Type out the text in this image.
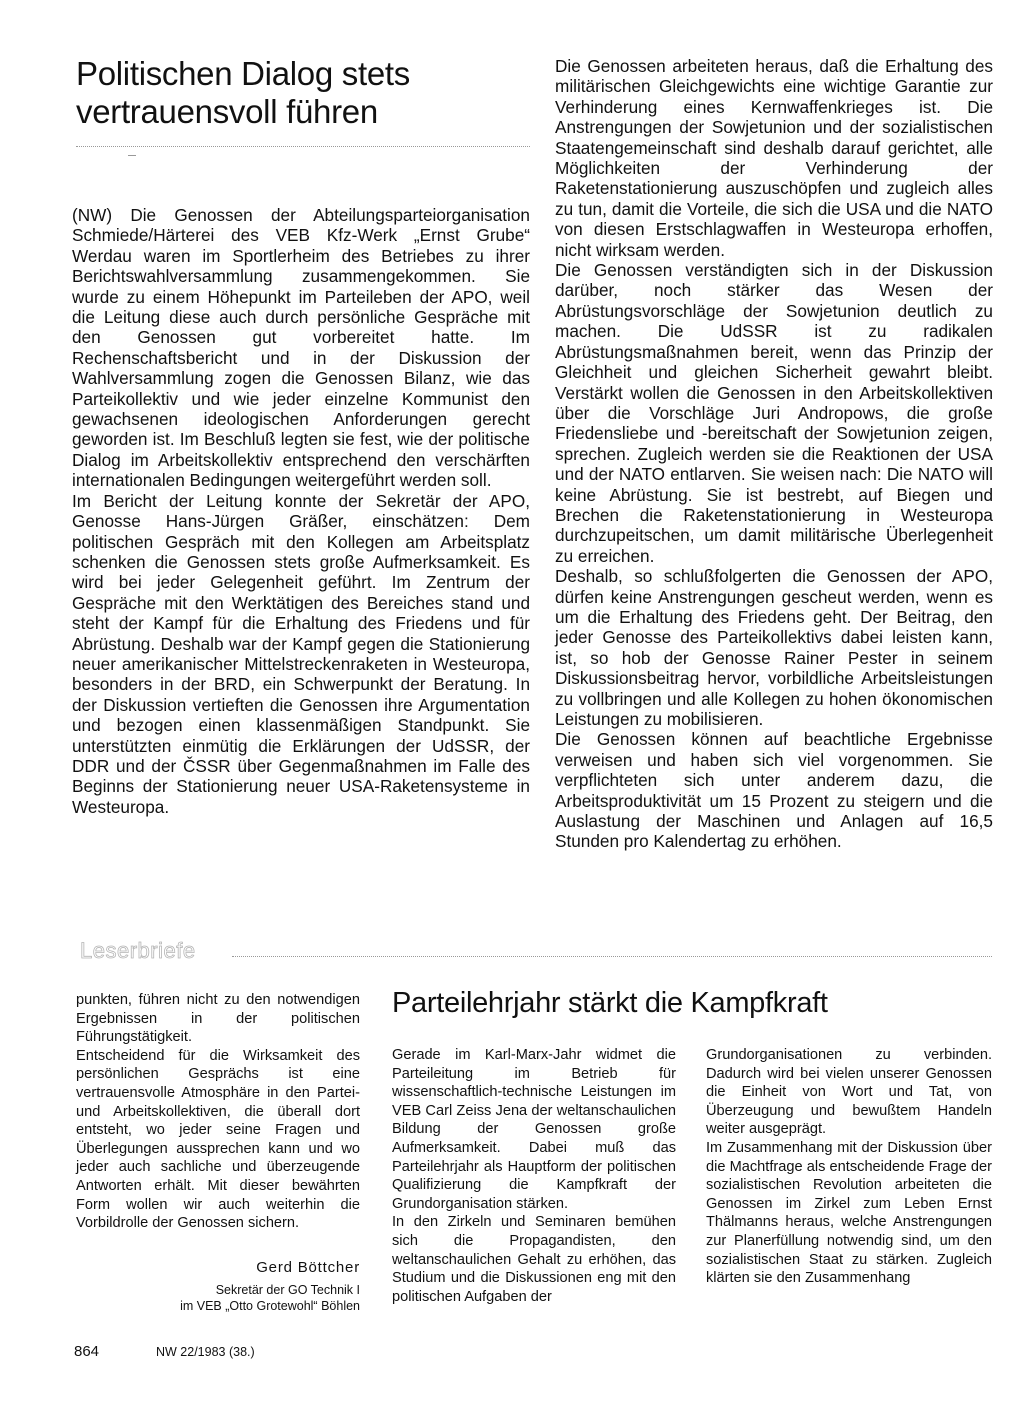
Politischen Dialog stets vertrauensvoll führen

(NW) Die Genossen der Abteilungsparteiorganisation Schmiede/Härterei des VEB Kfz-Werk „Ernst Grube“ Werdau waren im Sportlerheim des Betriebes zu ihrer Berichtswahlversammlung zusammengekommen. Sie wurde zu einem Höhepunkt im Parteileben der APO, weil die Leitung diese auch durch persönliche Gespräche mit den Genossen gut vorbereitet hatte. Im Rechenschaftsbericht und in der Diskussion der Wahlversammlung zogen die Genossen Bilanz, wie das Parteikollektiv und wie jeder einzelne Kommunist den gewachsenen ideologischen Anforderungen gerecht geworden ist. Im Beschluß legten sie fest, wie der politische Dialog im Arbeitskollektiv entsprechend den verschärften internationalen Bedingungen weitergeführt werden soll.

Im Bericht der Leitung konnte der Sekretär der APO, Genosse Hans-Jürgen Gräßer, einschätzen: Dem politischen Gespräch mit den Kollegen am Arbeitsplatz schenken die Genossen stets große Aufmerksamkeit. Es wird bei jeder Gelegenheit geführt. Im Zentrum der Gespräche mit den Werktätigen des Bereiches stand und steht der Kampf für die Erhaltung des Friedens und für Abrüstung. Deshalb war der Kampf gegen die Stationierung neuer amerikanischer Mittelstreckenraketen in Westeuropa, besonders in der BRD, ein Schwerpunkt der Beratung. In der Diskussion vertieften die Genossen ihre Argumentation und bezogen einen klassenmäßigen Standpunkt. Sie unterstützten einmütig die Erklärungen der UdSSR, der DDR und der ČSSR über Gegenmaßnahmen im Falle des Beginns der Stationierung neuer USA-Raketensysteme in Westeuropa.

Die Genossen arbeiteten heraus, daß die Erhaltung des militärischen Gleichgewichts eine wichtige Garantie zur Verhinderung eines Kernwaffenkrieges ist. Die Anstrengungen der Sowjetunion und der sozialistischen Staatengemeinschaft sind deshalb darauf gerichtet, alle Möglichkeiten der Verhinderung der Raketenstationierung auszuschöpfen und zugleich alles zu tun, damit die Vorteile, die sich die USA und die NATO von diesen Erstschlagwaffen in Westeuropa erhoffen, nicht wirksam werden.

Die Genossen verständigten sich in der Diskussion darüber, noch stärker das Wesen der Abrüstungsvorschläge der Sowjetunion deutlich zu machen. Die UdSSR ist zu radikalen Abrüstungsmaßnahmen bereit, wenn das Prinzip der Gleichheit und gleichen Sicherheit gewahrt bleibt. Verstärkt wollen die Genossen in den Arbeitskollektiven über die Vorschläge Juri Andropows, die große Friedensliebe und -bereitschaft der Sowjetunion zeigen, sprechen. Zugleich werden sie die Reaktionen der USA und der NATO entlarven. Sie weisen nach: Die NATO will keine Abrüstung. Sie ist bestrebt, auf Biegen und Brechen die Raketenstationierung in Westeuropa durchzupeitschen, um damit militärische Überlegenheit zu erreichen.

Deshalb, so schlußfolgerten die Genossen der APO, dürfen keine Anstrengungen gescheut werden, wenn es um die Erhaltung des Friedens geht. Der Beitrag, den jeder Genosse des Parteikollektivs dabei leisten kann, ist, so hob der Genosse Rainer Pester in seinem Diskussionsbeitrag hervor, vorbildliche Arbeitsleistungen zu vollbringen und alle Kollegen zu hohen ökonomischen Leistungen zu mobilisieren.

Die Genossen können auf beachtliche Ergebnisse verweisen und haben sich viel vorgenommen. Sie verpflichteten sich unter anderem dazu, die Arbeitsproduktivität um 15 Prozent zu steigern und die Auslastung der Maschinen und Anlagen auf 16,5 Stunden pro Kalendertag zu erhöhen.

Leserbriefe

punkten, führen nicht zu den notwendigen Ergebnissen in der politischen Führungstätigkeit.

Entscheidend für die Wirksamkeit des persönlichen Gesprächs ist eine vertrauensvolle Atmosphäre in den Partei- und Arbeitskollektiven, die überall dort entsteht, wo jeder seine Fragen und Überlegungen aussprechen kann und wo jeder auch sachliche und überzeugende Antworten erhält. Mit dieser bewährten Form wollen wir auch weiterhin die Vorbildrolle der Genossen sichern.

Gerd Böttcher
Sekretär der GO Technik I
im VEB „Otto Grotewohl“ Böhlen
Parteilehrjahr stärkt die Kampfkraft

Gerade im Karl-Marx-Jahr widmet die Parteileitung im Betrieb für wissenschaftlich-technische Leistungen im VEB Carl Zeiss Jena der weltanschaulichen Bildung der Genossen große Aufmerksamkeit. Dabei muß das Parteilehrjahr als Hauptform der politischen Qualifizierung die Kampfkraft der Grundorganisation stärken.

In den Zirkeln und Seminaren bemühen sich die Propagandisten, den weltanschaulichen Gehalt zu erhöhen, das Studium und die Diskussionen eng mit den politischen Aufgaben der

Grundorganisationen zu verbinden. Dadurch wird bei vielen unserer Genossen die Einheit von Wort und Tat, von Überzeugung und bewußtem Handeln weiter ausgeprägt.

Im Zusammenhang mit der Diskussion über die Machtfrage als entscheidende Frage der sozialistischen Revolution arbeiteten die Genossen im Zirkel zum Leben Ernst Thälmanns heraus, welche Anstrengungen zur Planerfüllung notwendig sind, um den sozialistischen Staat zu stärken. Zugleich klärten sie den Zusammenhang

864	NW 22/1983 (38.)
